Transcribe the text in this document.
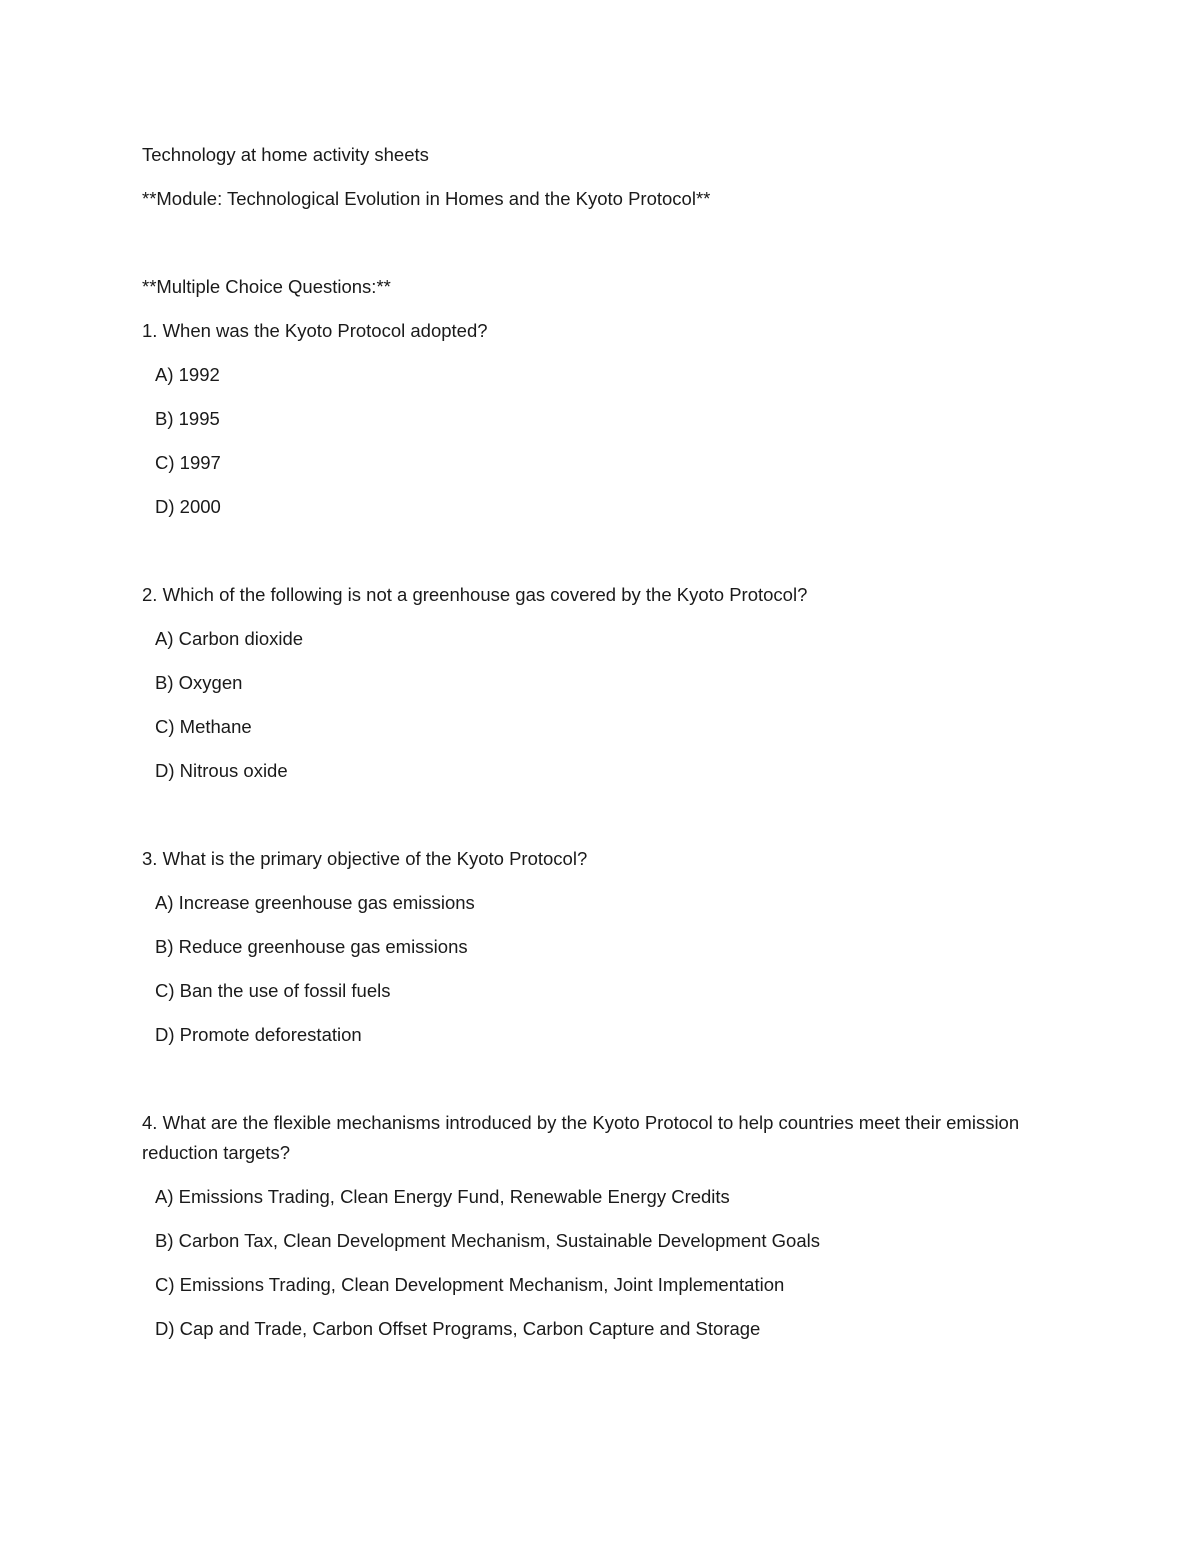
Technology at home activity sheets

**Module: Technological Evolution in Homes and the Kyoto Protocol**

**Multiple Choice Questions:**

1. When was the Kyoto Protocol adopted?

A) 1992

B) 1995

C) 1997

D) 2000

2. Which of the following is not a greenhouse gas covered by the Kyoto Protocol?

A) Carbon dioxide

B) Oxygen

C) Methane

D) Nitrous oxide

3. What is the primary objective of the Kyoto Protocol?

A) Increase greenhouse gas emissions

B) Reduce greenhouse gas emissions

C) Ban the use of fossil fuels

D) Promote deforestation

4. What are the flexible mechanisms introduced by the Kyoto Protocol to help countries meet their emission reduction targets?

A) Emissions Trading, Clean Energy Fund, Renewable Energy Credits

B) Carbon Tax, Clean Development Mechanism, Sustainable Development Goals

C) Emissions Trading, Clean Development Mechanism, Joint Implementation

D) Cap and Trade, Carbon Offset Programs, Carbon Capture and Storage
